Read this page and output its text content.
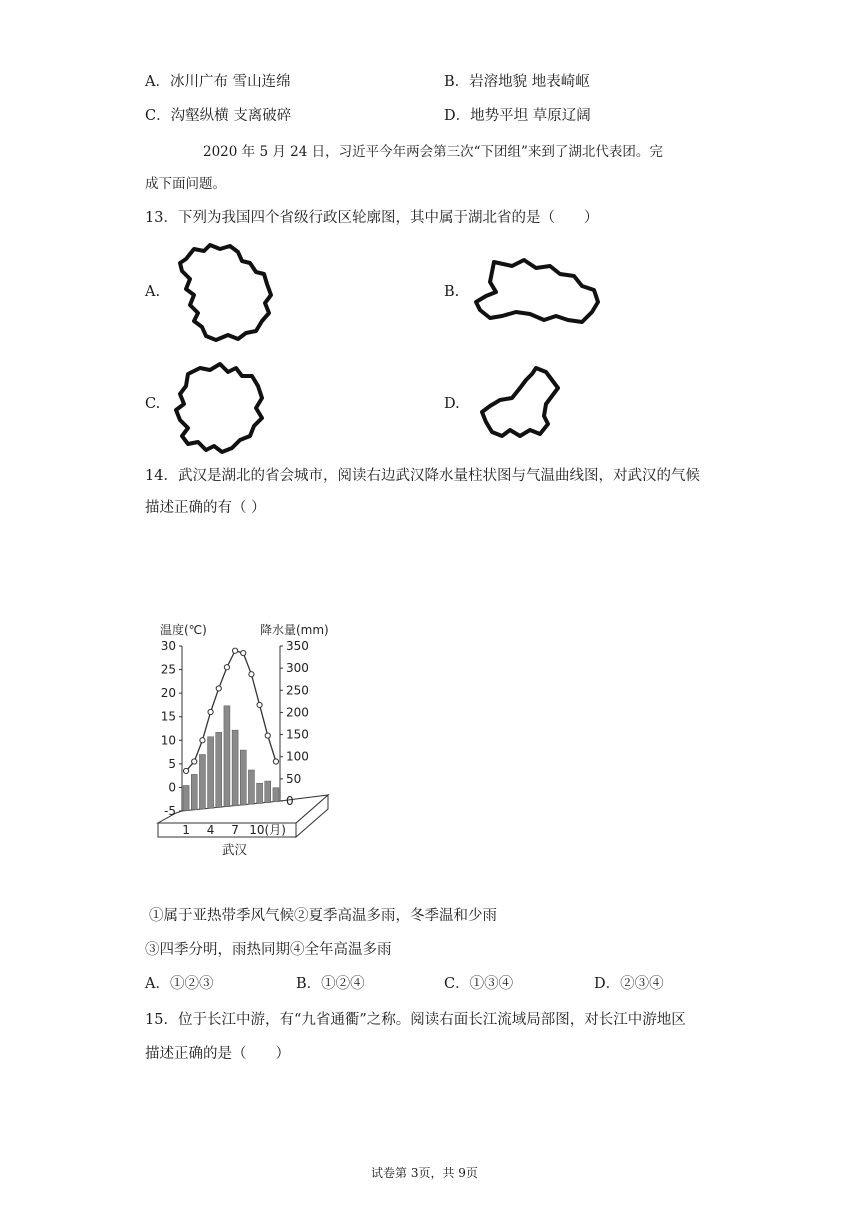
A．冰川广布 雪山连绵	B．岩溶地貌 地表崎岖
C．沟壑纵横 支离破碎	D．地势平坦 草原辽阔
2020 年 5 月 24 日，习近平今年两会第三次“下团组”来到了湖北代表团。完
成下面问题。
13．下列为我国四个省级行政区轮廓图，其中属于湖北省的是（　　）
A.	B.
C.	D.
14．武汉是湖北的省会城市，阅读右边武汉降水量柱状图与气温曲线图，对武汉的气候
描述正确的有（ ）
温度(℃)	降水量(mm)
30
25
20
15
10
5
0
-5
350
300
250
200
150
100
50
0
1 4 7 10(月)
武汉
①属于亚热带季风气候②夏季高温多雨，冬季温和少雨
③四季分明，雨热同期④全年高温多雨
A．①②③	B．①②④	C．①③④	D．②③④
15．位于长江中游，有“九省通衢”之称。阅读右面长江流域局部图，对长江中游地区
描述正确的是（　　）
试卷第 3页，共 9页
